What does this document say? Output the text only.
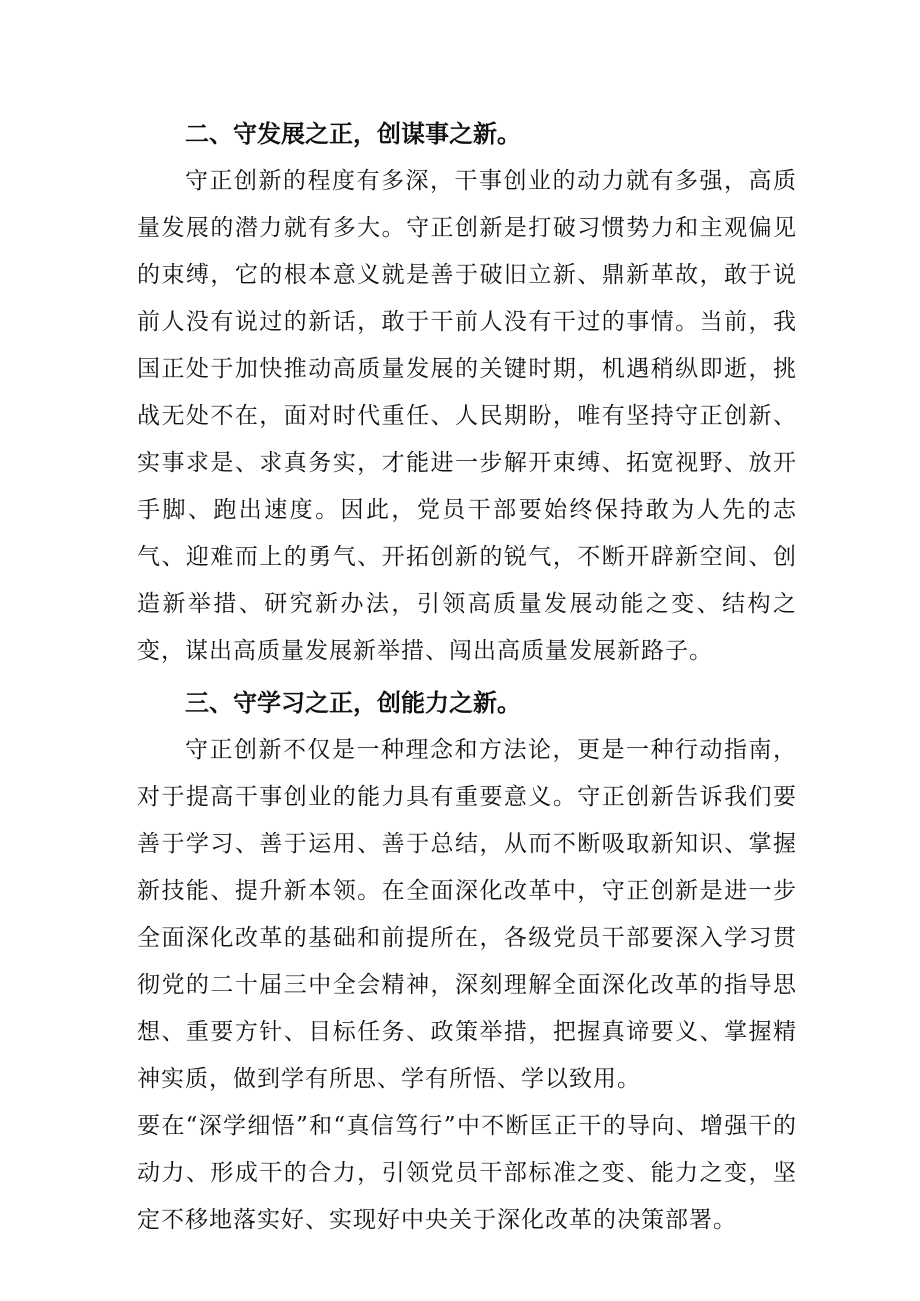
二、守发展之正，创谋事之新。

守正创新的程度有多深，干事创业的动力就有多强，高质量发展的潜力就有多大。守正创新是打破习惯势力和主观偏见的束缚，它的根本意义就是善于破旧立新、鼎新革故，敢于说前人没有说过的新话，敢于干前人没有干过的事情。当前，我国正处于加快推动高质量发展的关键时期，机遇稍纵即逝，挑战无处不在，面对时代重任、人民期盼，唯有坚持守正创新、实事求是、求真务实，才能进一步解开束缚、拓宽视野、放开手脚、跑出速度。因此，党员干部要始终保持敢为人先的志气、迎难而上的勇气、开拓创新的锐气，不断开辟新空间、创造新举措、研究新办法，引领高质量发展动能之变、结构之变，谋出高质量发展新举措、闯出高质量发展新路子。

三、守学习之正，创能力之新。

守正创新不仅是一种理念和方法论，更是一种行动指南，对于提高干事创业的能力具有重要意义。守正创新告诉我们要善于学习、善于运用、善于总结，从而不断吸取新知识、掌握新技能、提升新本领。在全面深化改革中，守正创新是进一步全面深化改革的基础和前提所在，各级党员干部要深入学习贯彻党的二十届三中全会精神，深刻理解全面深化改革的指导思想、重要方针、目标任务、政策举措，把握真谛要义、掌握精神实质，做到学有所思、学有所悟、学以致用。

要在“深学细悟”和“真信笃行”中不断匡正干的导向、增强干的动力、形成干的合力，引领党员干部标准之变、能力之变，坚定不移地落实好、实现好中央关于深化改革的决策部署。
